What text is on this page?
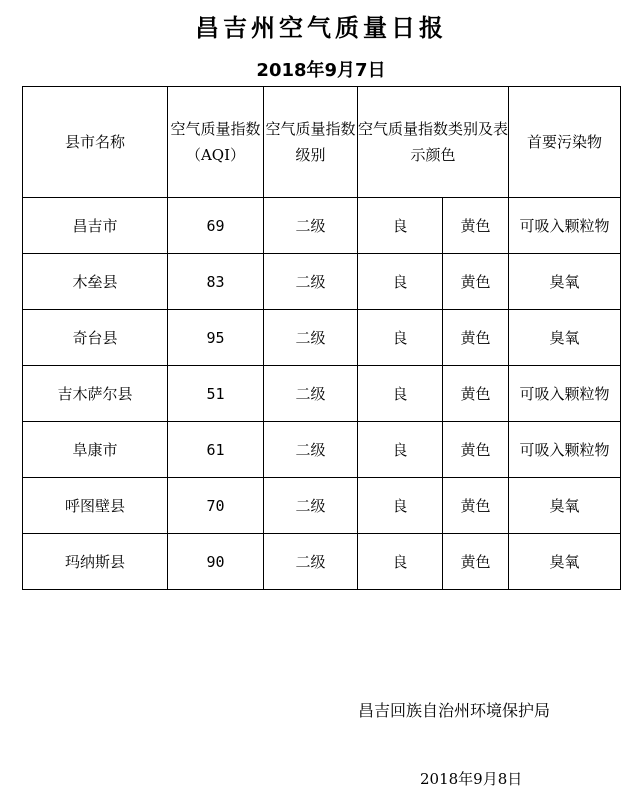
昌吉州空气质量日报
2018年9月7日
县市名称	空气质量指数（AQI）	空气质量指数级别	空气质量指数类别及表示颜色		首要污染物
昌吉市	69	二级	良	黄色	可吸入颗粒物
木垒县	83	二级	良	黄色	臭氧
奇台县	95	二级	良	黄色	臭氧
吉木萨尔县	51	二级	良	黄色	可吸入颗粒物
阜康市	61	二级	良	黄色	可吸入颗粒物
呼图壁县	70	二级	良	黄色	臭氧
玛纳斯县	90	二级	良	黄色	臭氧
昌吉回族自治州环境保护局
2018年9月8日
